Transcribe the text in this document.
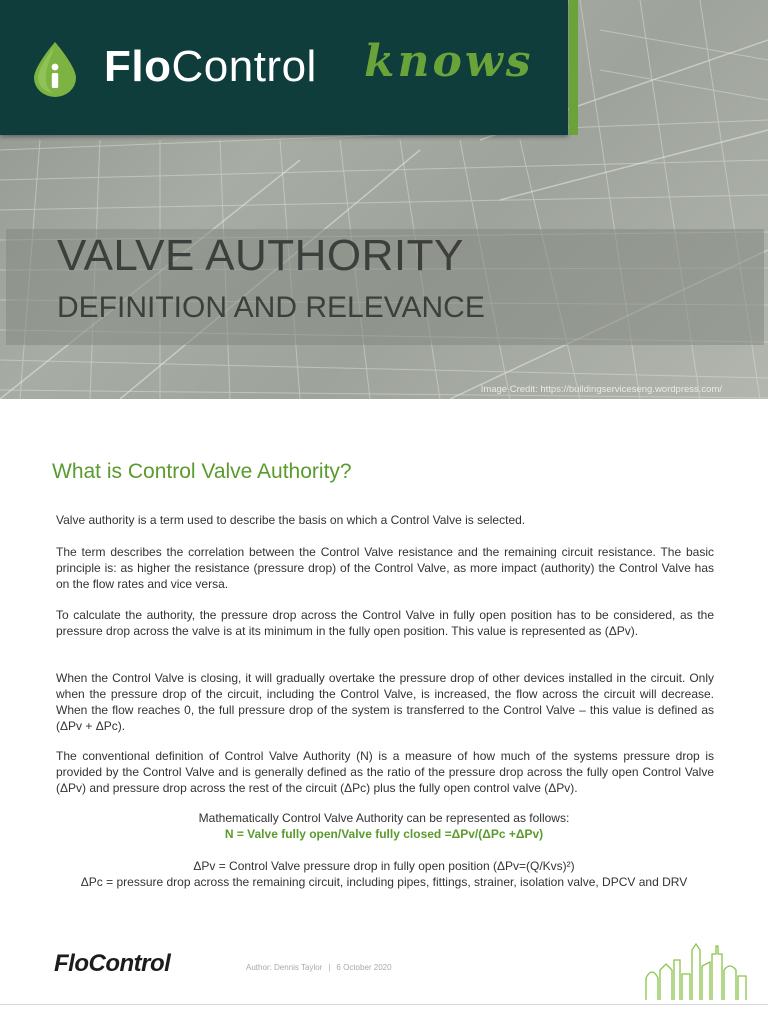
FloControl knows
VALVE AUTHORITY
DEFINITION AND RELEVANCE
Image Credit: https://buildingserviceseng.wordpress.com/
What is Control Valve Authority?

Valve authority is a term used to describe the basis on which a Control Valve is selected.

The term describes the correlation between the Control Valve resistance and the remaining circuit resistance. The basic principle is: as higher the resistance (pressure drop) of the Control Valve, as more impact (authority) the Control Valve has on the flow rates and vice versa.

To calculate the authority, the pressure drop across the Control Valve in fully open position has to be considered, as the pressure drop across the valve is at its minimum in the fully open position. This value is represented as (ΔPv).

When the Control Valve is closing, it will gradually overtake the pressure drop of other devices installed in the circuit. Only when the pressure drop of the circuit, including the Control Valve, is increased, the flow across the circuit will decrease. When the flow reaches 0, the full pressure drop of the system is transferred to the Control Valve – this value is defined as (ΔPv + ΔPc).

The conventional definition of Control Valve Authority (N) is a measure of how much of the systems pressure drop is provided by the Control Valve and is generally defined as the ratio of the pressure drop across the fully open Control Valve (ΔPv) and pressure drop across the rest of the circuit (ΔPc) plus the fully open control valve (ΔPv).

Mathematically Control Valve Authority can be represented as follows:
N = Valve fully open/Valve fully closed =ΔPv/(ΔPc +ΔPv)
ΔPv = Control Valve pressure drop in fully open position (ΔPv=(Q/Kvs)²)
ΔPc = pressure drop across the remaining circuit, including pipes, fittings, strainer, isolation valve, DPCV and DRV
FloControl	Author: Dennis Taylor | 6 October 2020
